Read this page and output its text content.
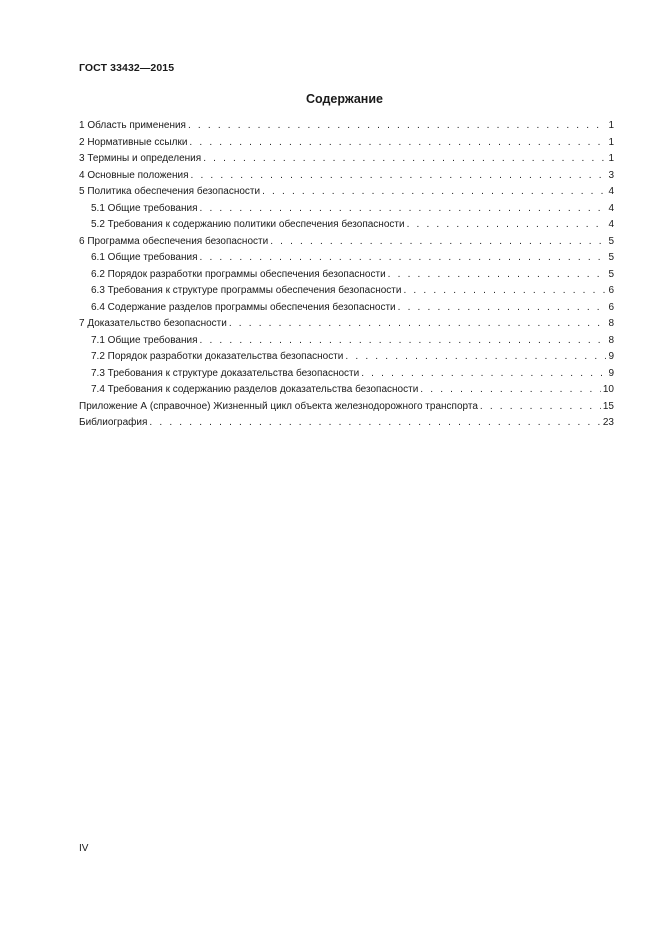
ГОСТ 33432—2015
Содержание
1 Область применения . . .	1
2 Нормативные ссылки . . .	1
3 Термины и определения . . .	1
4 Основные положения . . .	3
5 Политика обеспечения безопасности . . .	4
5.1 Общие требования . . .	4
5.2 Требования к содержанию политики обеспечения безопасности . . .	4
6 Программа обеспечения безопасности . . .	5
6.1 Общие требования . . .	5
6.2 Порядок разработки программы обеспечения безопасности . . .	5
6.3 Требования к структуре программы обеспечения безопасности . . .	6
6.4 Содержание разделов программы обеспечения безопасности . . .	6
7 Доказательство безопасности . . .	8
7.1 Общие требования . . .	8
7.2 Порядок разработки доказательства безопасности . . .	9
7.3 Требования к структуре доказательства безопасности . . .	9
7.4 Требования к содержанию разделов доказательства безопасности . . .	10
Приложение А (справочное) Жизненный цикл объекта железнодорожного транспорта . . .	15
Библиография . . .	23
IV
